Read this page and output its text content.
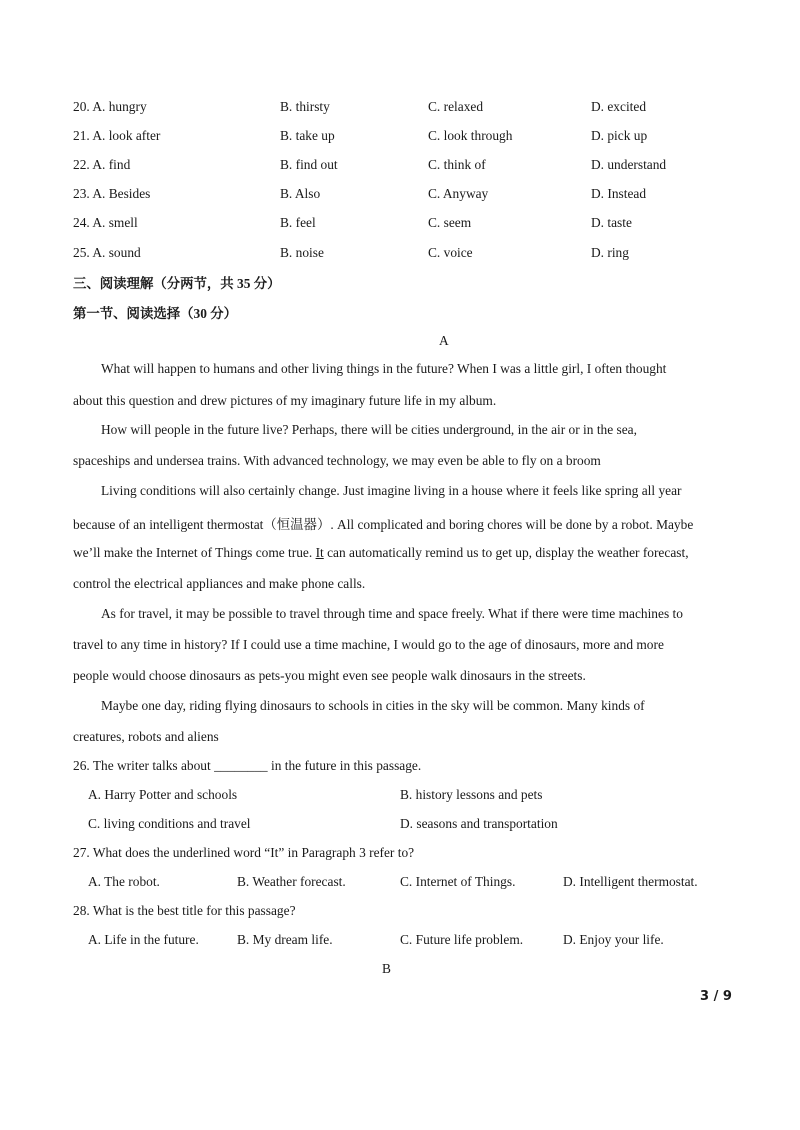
20. A. hungry	B. thirsty	C. relaxed	D. excited
21. A. look after	B. take up	C. look through	D. pick up
22. A. find	B. find out	C. think of	D. understand
23. A. Besides	B. Also	C. Anyway	D. Instead
24. A. smell	B. feel	C. seem	D. taste
25. A. sound	B. noise	C. voice	D. ring
三、阅读理解（分两节，共 35 分）
第一节、阅读选择（30 分）
A
What will happen to humans and other living things in the future? When I was a little girl, I often thought
about this question and drew pictures of my imaginary future life in my album.
How will people in the future live? Perhaps, there will be cities underground, in the air or in the sea,
spaceships and undersea trains. With advanced technology, we may even be able to fly on a broom
Living conditions will also certainly change. Just imagine living in a house where it feels like spring all year
because of an intelligent thermostat（恒温器）. All complicated and boring chores will be done by a robot. Maybe
we’ll make the Internet of Things come true. It can automatically remind us to get up, display the weather forecast,
control the electrical appliances and make phone calls.
As for travel, it may be possible to travel through time and space freely. What if there were time machines to
travel to any time in history? If I could use a time machine, I would go to the age of dinosaurs, more and more
people would choose dinosaurs as pets-you might even see people walk dinosaurs in the streets.
Maybe one day, riding flying dinosaurs to schools in cities in the sky will be common. Many kinds of
creatures, robots and aliens
26. The writer talks about ________ in the future in this passage.
A. Harry Potter and schools	B. history lessons and pets
C. living conditions and travel	D. seasons and transportation
27. What does the underlined word “It” in Paragraph 3 refer to?
A. The robot.	B. Weather forecast.	C. Internet of Things.	D. Intelligent thermostat.
28. What is the best title for this passage?
A. Life in the future.	B. My dream life.	C. Future life problem.	D. Enjoy your life.
B
3 / 9
